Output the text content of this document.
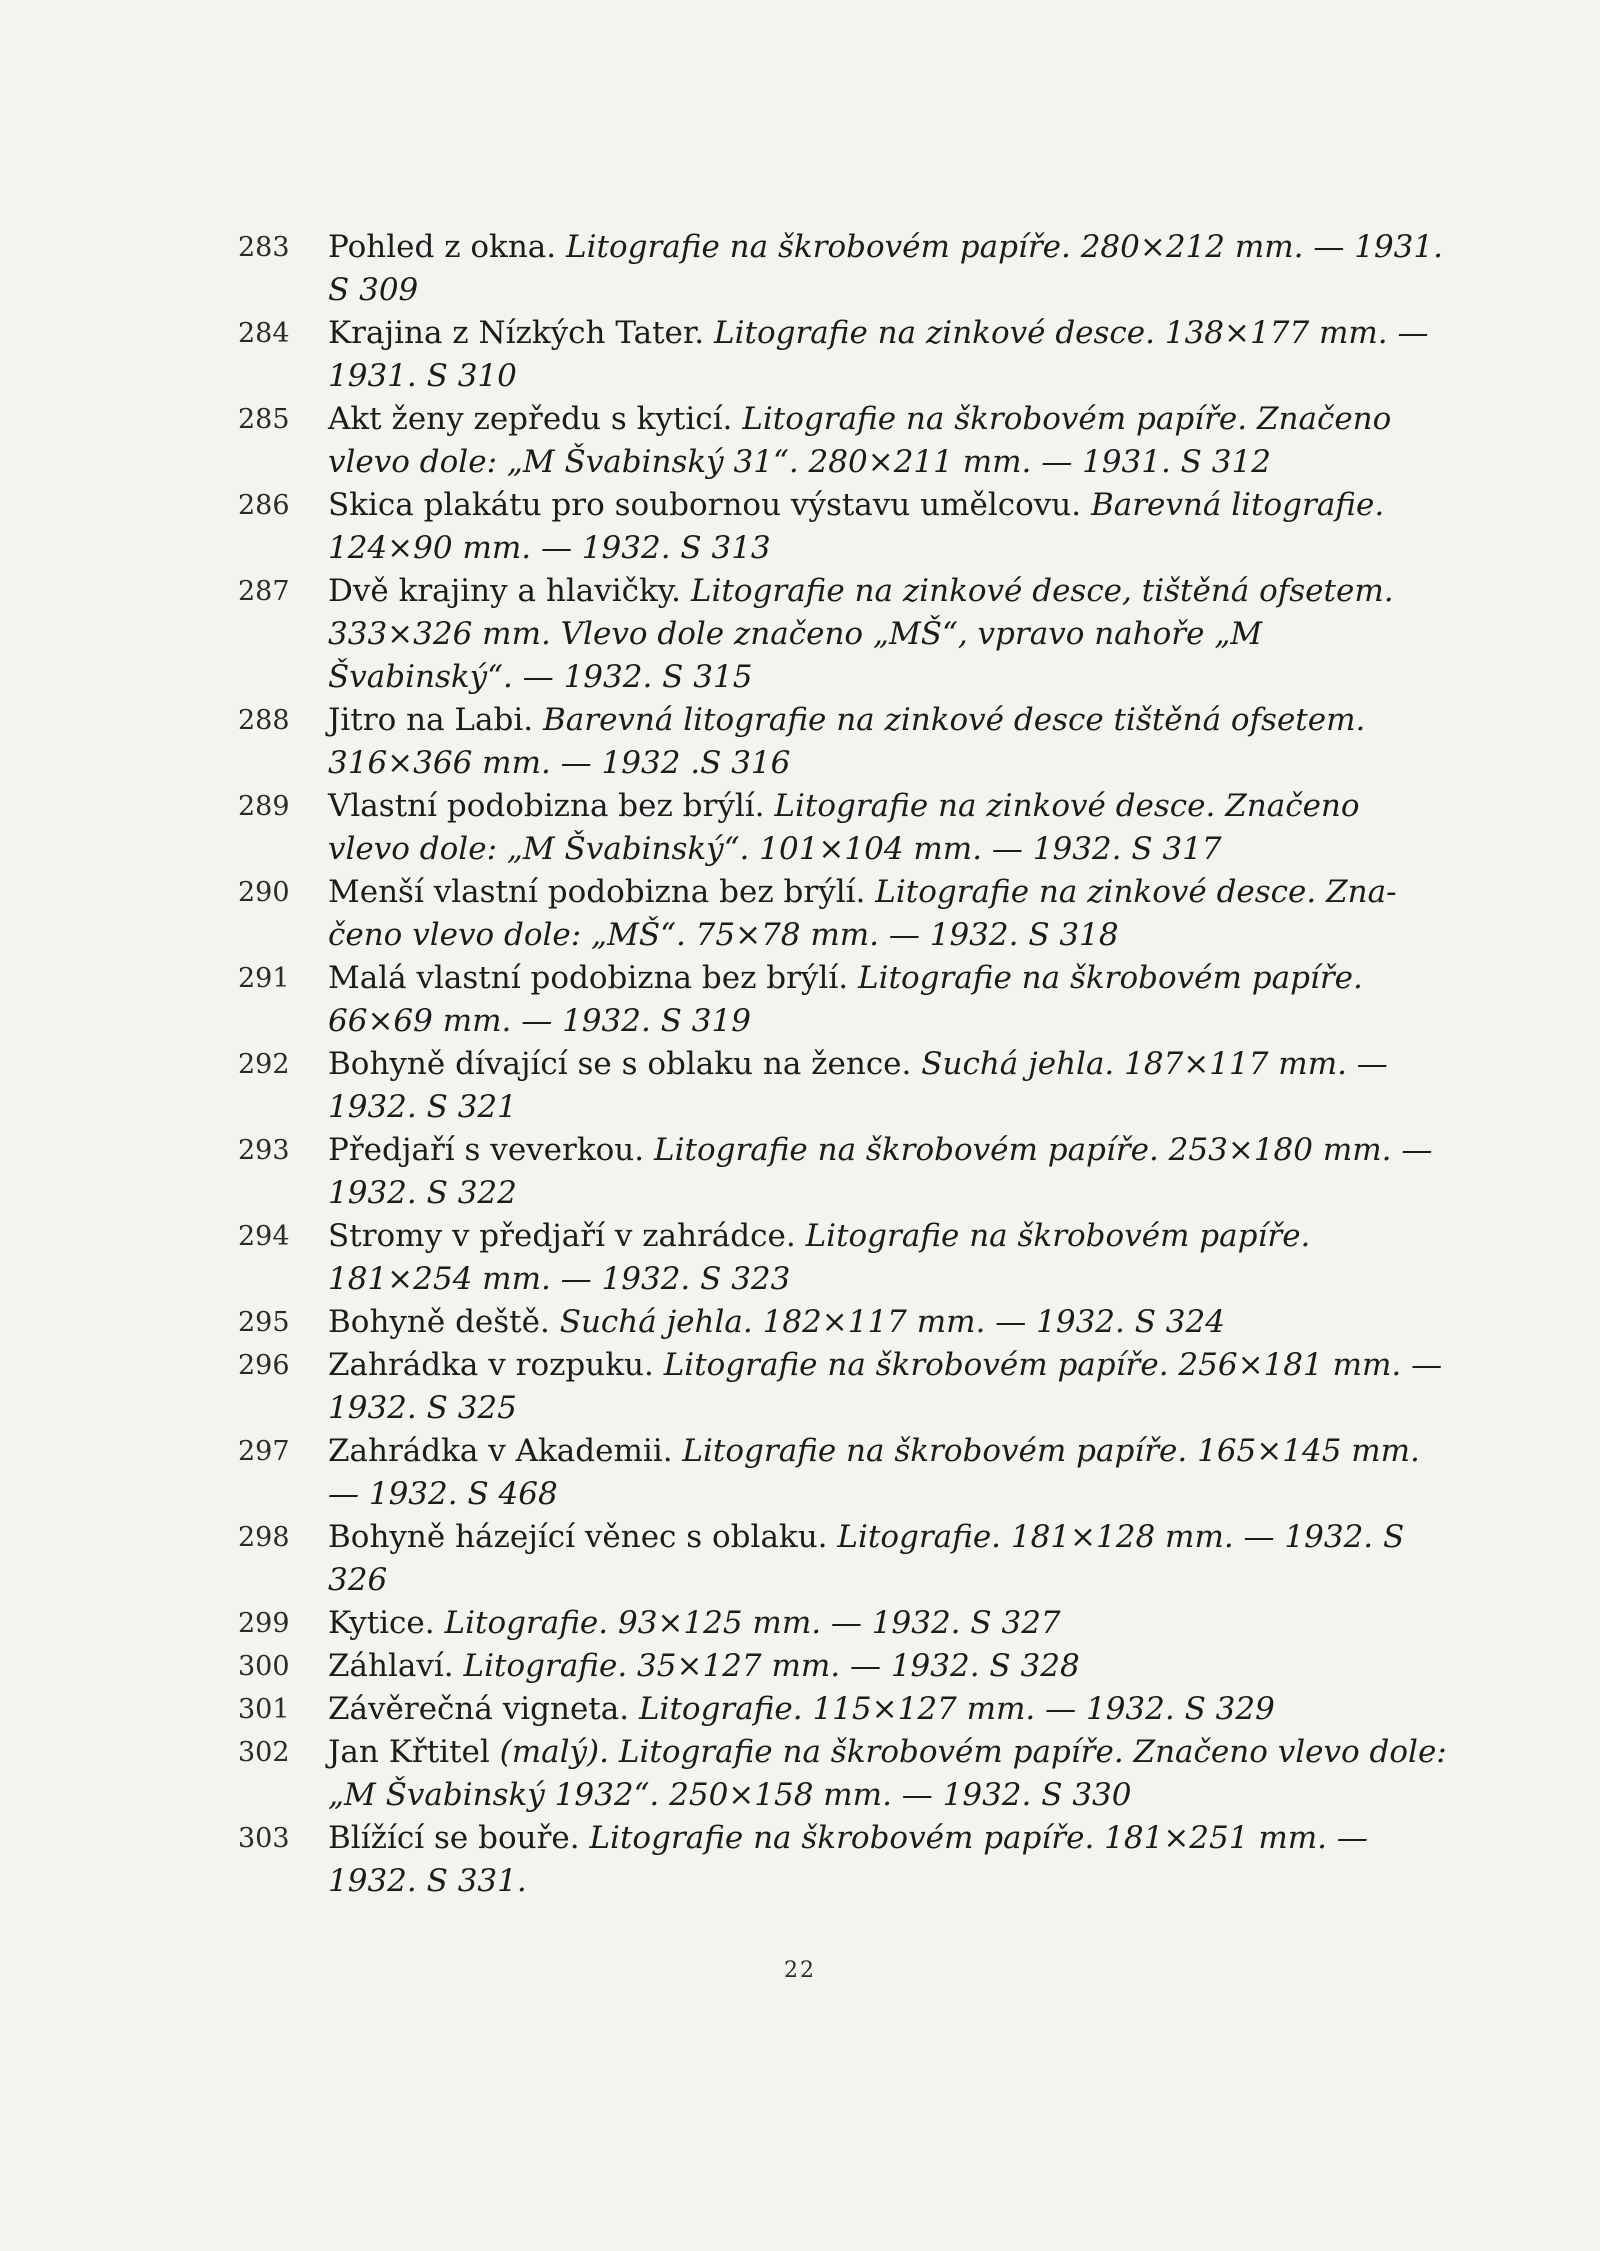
283	Pohled z okna. Litografie na škrobovém papíře. 280×212 mm. — 1931. S 309
284	Krajina z Nízkých Tater. Litografie na zinkové desce. 138×177 mm. — 1931. S 310
285	Akt ženy zepředu s kyticí. Litografie na škrobovém papíře. Značeno vlevo dole: „M Švabinský 31“. 280×211 mm. — 1931. S 312
286	Skica plakátu pro soubornou výstavu umělcovu. Barevná litografie. 124×90 mm. — 1932. S 313
287	Dvě krajiny a hlavičky. Litografie na zinkové desce, tištěná ofsetem. 333×326 mm. Vlevo dole značeno „MŠ“, vpravo nahoře „M Švabinský“. — 1932. S 315
288	Jitro na Labi. Barevná litografie na zinkové desce tištěná ofsetem. 316×366 mm. — 1932 .S 316
289	Vlastní podobizna bez brýlí. Litografie na zinkové desce. Značeno vlevo dole: „M Švabinský“. 101×104 mm. — 1932. S 317
290	Menší vlastní podobizna bez brýlí. Litografie na zinkové desce. Zna- čeno vlevo dole: „MŠ“. 75×78 mm. — 1932. S 318
291	Malá vlastní podobizna bez brýlí. Litografie na škrobovém papíře. 66×69 mm. — 1932. S 319
292	Bohyně dívající se s oblaku na žence. Suchá jehla. 187×117 mm. — 1932. S 321
293	Předjaří s veverkou. Litografie na škrobovém papíře. 253×180 mm. — 1932. S 322
294	Stromy v předjaří v zahrádce. Litografie na škrobovém papíře. 181×254 mm. — 1932. S 323
295	Bohyně deště. Suchá jehla. 182×117 mm. — 1932. S 324
296	Zahrádka v rozpuku. Litografie na škrobovém papíře. 256×181 mm. — 1932. S 325
297	Zahrádka v Akademii. Litografie na škrobovém papíře. 165×145 mm. — 1932. S 468
298	Bohyně házející věnec s oblaku. Litografie. 181×128 mm. — 1932. S 326
299	Kytice. Litografie. 93×125 mm. — 1932. S 327
300	Záhlaví. Litografie. 35×127 mm. — 1932. S 328
301	Závěrečná vigneta. Litografie. 115×127 mm. — 1932. S 329
302	Jan Křtitel (malý). Litografie na škrobovém papíře. Značeno vlevo dole: „M Švabinský 1932“. 250×158 mm. — 1932. S 330
303	Blížící se bouře. Litografie na škrobovém papíře. 181×251 mm. — 1932. S 331.
22
